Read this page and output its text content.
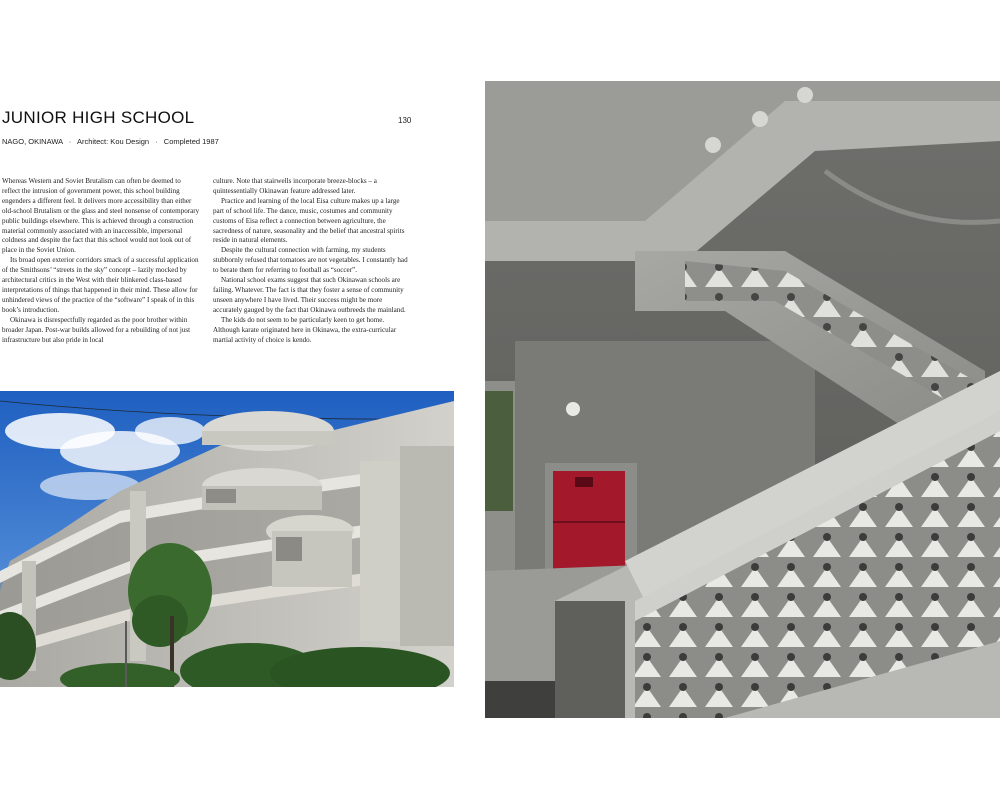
JUNIOR HIGH SCHOOL	130
NAGO, OKINAWA · Architect: Kou Design · Completed 1987

Whereas Western and Soviet Brutalism can often be deemed to reflect the intrusion of government power, this school building engenders a different feel. It delivers more accessibility than either old-school Brutalism or the glass and steel nonsense of contemporary public buildings elsewhere. This is achieved through a construction material commonly associated with an inaccessible, impersonal coldness and despite the fact that this school would not look out of place in the Soviet Union.

Its broad open exterior corridors smack of a successful application of the Smithsons’ “streets in the sky” concept – lazily mocked by architectural critics in the West with their blinkered class-based interpretations of things that happened in their mind. These allow for unhindered views of the practice of the “software” I speak of in this book’s introduction.

Okinawa is disrespectfully regarded as the poor brother within broader Japan. Post-war builds allowed for a rebuilding of not just infrastructure but also pride in local

culture. Note that stairwells incorporate breeze-blocks – a quintessentially Okinawan feature addressed later.

Practice and learning of the local Eisa culture makes up a large part of school life. The dance, music, costumes and community customs of Eisa reflect a connection between agriculture, the sacredness of nature, seasonality and the belief that ancestral spirits reside in natural elements.

Despite the cultural connection with farming, my students stubbornly refused that tomatoes are not vegetables. I constantly had to berate them for referring to football as “soccer”.

National school exams suggest that such Okinawan schools are failing. Whatever. The fact is that they foster a sense of community unseen anywhere I have lived. Their success might be more accurately gauged by the fact that Okinawa outbreeds the mainland.

The kids do not seem to be particularly keen to get home. Although karate originated here in Okinawa, the extra-curricular martial activity of choice is kendo.
